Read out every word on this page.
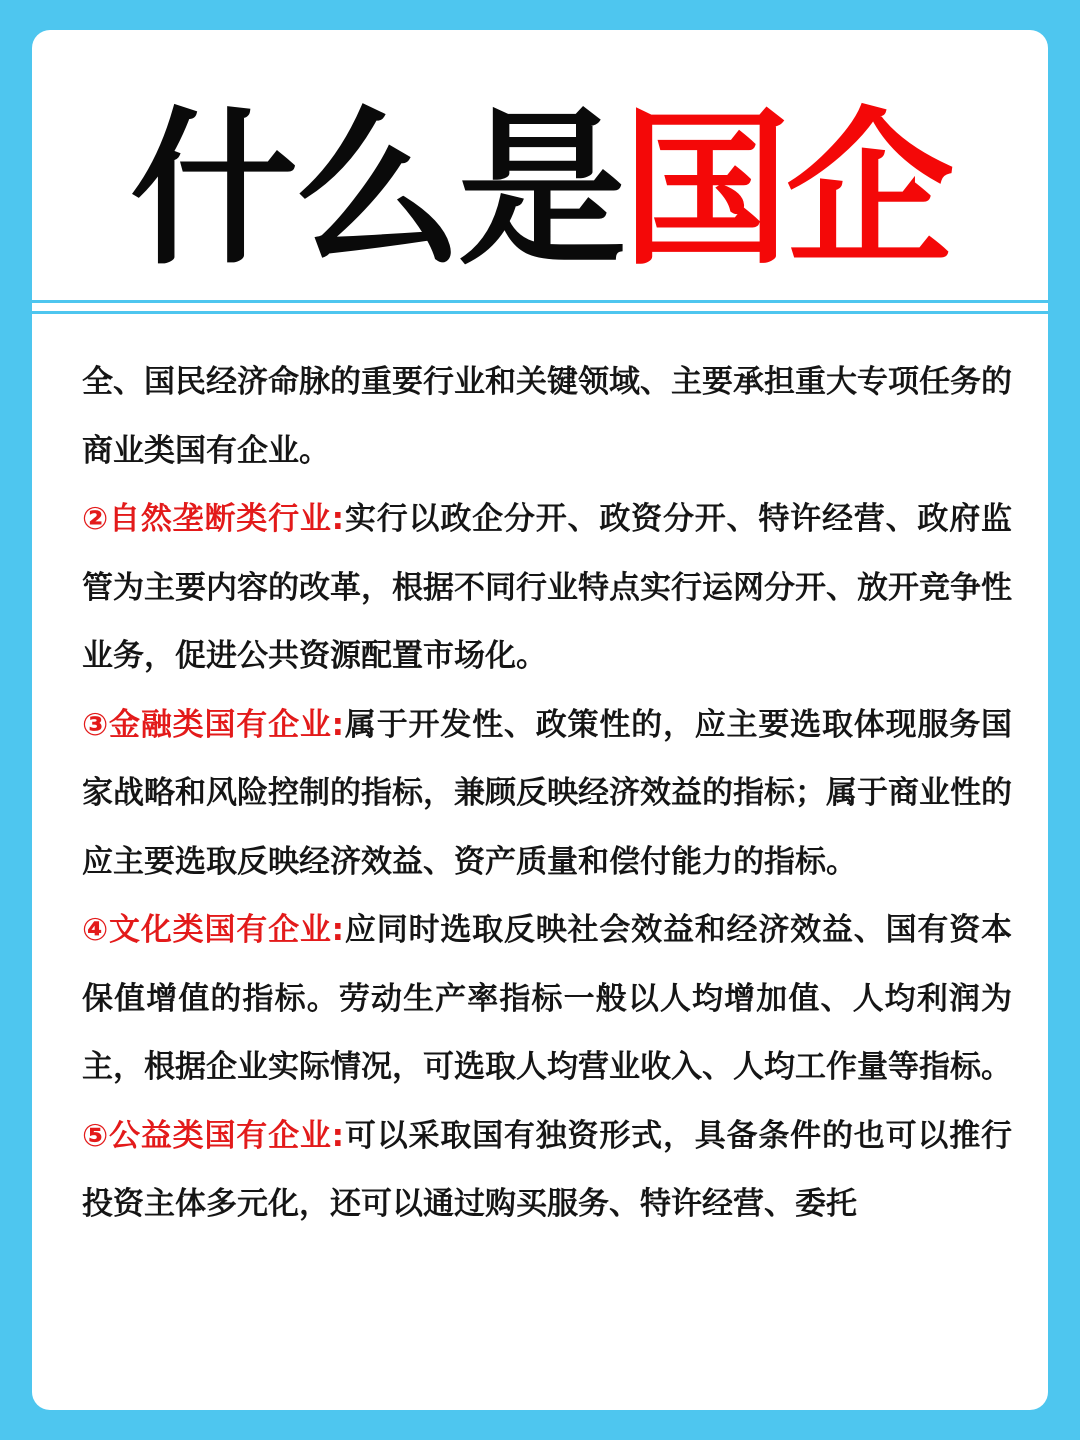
什么是国企

全、国民经济命脉的重要行业和关键领域、主要承担重大专项任务的商业类国有企业。

②自然垄断类行业:实行以政企分开、政资分开、特许经营、政府监管为主要内容的改革，根据不同行业特点实行运网分开、放开竞争性业务，促进公共资源配置市场化。

③金融类国有企业:属于开发性、政策性的，应主要选取体现服务国家战略和风险控制的指标，兼顾反映经济效益的指标；属于商业性的应主要选取反映经济效益、资产质量和偿付能力的指标。

④文化类国有企业:应同时选取反映社会效益和经济效益、国有资本保值增值的指标。劳动生产率指标一般以人均增加值、人均利润为主，根据企业实际情况，可选取人均营业收入、人均工作量等指标。

⑤公益类国有企业:可以采取国有独资形式，具备条件的也可以推行投资主体多元化，还可以通过购买服务、特许经营、委托
